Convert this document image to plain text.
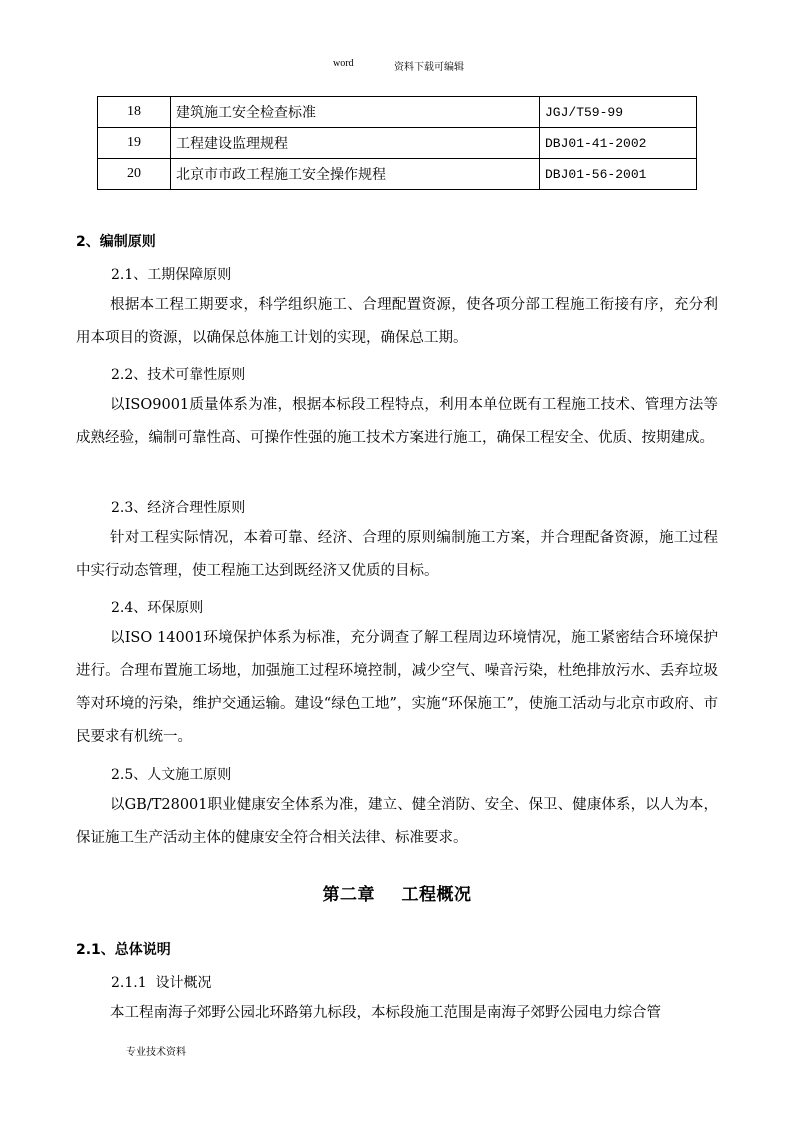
word	资料下载可编辑
18	建筑施工安全检查标准	JGJ/T59-99
19	工程建设监理规程	DBJ01-41-2002
20	北京市市政工程施工安全操作规程	DBJ01-56-2001
2、编制原则
2.1、工期保障原则
根据本工程工期要求，科学组织施工、合理配置资源，使各项分部工程施工衔接有序，充分利用本项目的资源，以确保总体施工计划的实现，确保总工期。
2.2、技术可靠性原则
以ISO9001质量体系为准，根据本标段工程特点，利用本单位既有工程施工技术、管理方法等成熟经验，编制可靠性高、可操作性强的施工技术方案进行施工，确保工程安全、优质、按期建成。
2.3、经济合理性原则
针对工程实际情况，本着可靠、经济、合理的原则编制施工方案，并合理配备资源，施工过程中实行动态管理，使工程施工达到既经济又优质的目标。
2.4、环保原则
以ISO 14001环境保护体系为标准，充分调查了解工程周边环境情况，施工紧密结合环境保护进行。合理布置施工场地，加强施工过程环境控制，减少空气、噪音污染，杜绝排放污水、丢弃垃圾等对环境的污染，维护交通运输。建设“绿色工地”，实施“环保施工”，使施工活动与北京市政府、市民要求有机统一。
2.5、人文施工原则
以GB/T28001职业健康安全体系为准，建立、健全消防、安全、保卫、健康体系，以人为本，保证施工生产活动主体的健康安全符合相关法律、标准要求。
第二章 工程概况
2.1、总体说明
2.1.1  设计概况
本工程南海子郊野公园北环路第九标段，本标段施工范围是南海子郊野公园电力综合管
专业技术资料
